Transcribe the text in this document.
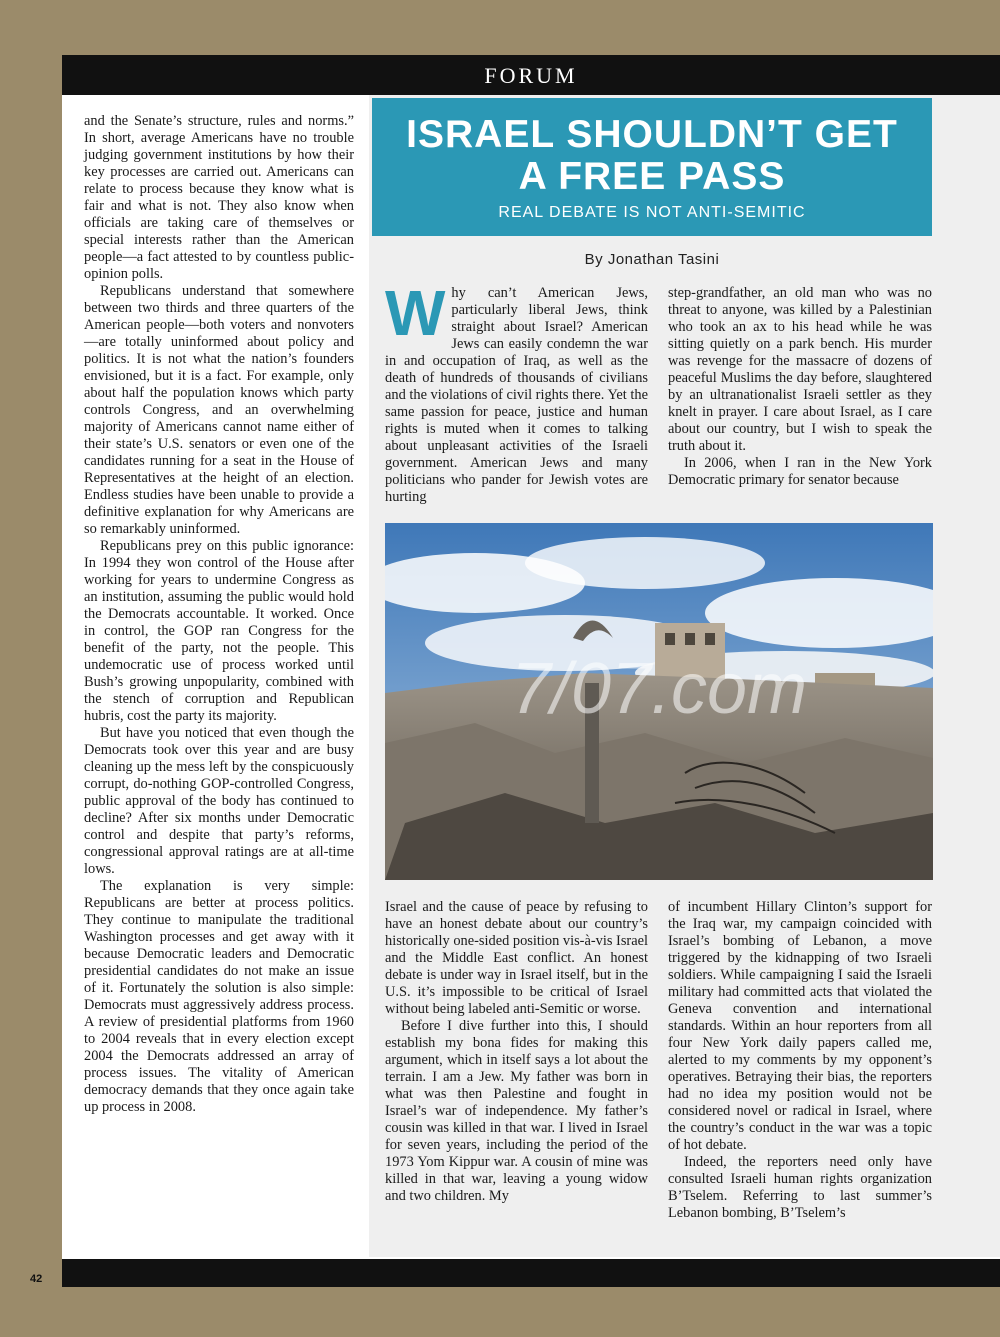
FORUM

and the Senate’s structure, rules and norms.” In short, average Americans have no trouble judging government institutions by how their key processes are carried out. Americans can relate to process because they know what is fair and what is not. They also know when officials are taking care of themselves or special interests rather than the American people—a fact attested to by countless public-opinion polls.

Republicans understand that somewhere between two thirds and three quarters of the American people—both voters and nonvoters—are totally uninformed about policy and politics. It is not what the nation’s founders envisioned, but it is a fact. For example, only about half the population knows which party controls Congress, and an overwhelming majority of Americans cannot name either of their state’s U.S. senators or even one of the candidates running for a seat in the House of Representatives at the height of an election. Endless studies have been unable to provide a definitive explanation for why Americans are so remarkably uninformed.

Republicans prey on this public ignorance: In 1994 they won control of the House after working for years to undermine Congress as an institution, assuming the public would hold the Democrats accountable. It worked. Once in control, the GOP ran Congress for the benefit of the party, not the people. This undemocratic use of process worked until Bush’s growing unpopularity, combined with the stench of corruption and Republican hubris, cost the party its majority.

But have you noticed that even though the Democrats took over this year and are busy cleaning up the mess left by the conspicuously corrupt, do-nothing GOP-controlled Congress, public approval of the body has continued to decline? After six months under Democratic control and despite that party’s reforms, congressional approval ratings are at all-time lows.

The explanation is very simple: Republicans are better at process politics. They continue to manipulate the traditional Washington processes and get away with it because Democratic leaders and Democratic presidential candidates do not make an issue of it. Fortunately the solution is also simple: Democrats must aggressively address process. A review of presidential platforms from 1960 to 2004 reveals that in every election except 2004 the Democrats addressed an array of process issues. The vitality of American democracy demands that they once again take up process in 2008.

ISRAEL SHOULDN’T GET
A FREE PASS
REAL DEBATE IS NOT ANTI-SEMITIC
By Jonathan Tasini

Why can’t American Jews, particularly liberal Jews, think straight about Israel? American Jews can easily condemn the war in and occupation of Iraq, as well as the death of hundreds of thousands of civilians and the violations of civil rights there. Yet the same passion for peace, justice and human rights is muted when it comes to talking about unpleasant activities of the Israeli government. American Jews and many politicians who pander for Jewish votes are hurting

step-grandfather, an old man who was no threat to anyone, was killed by a Palestinian who took an ax to his head while he was sitting quietly on a park bench. His murder was revenge for the massacre of dozens of peaceful Muslims the day before, slaughtered by an ultranationalist Israeli settler as they knelt in prayer. I care about Israel, as I care about our country, but I wish to speak the truth about it.

In 2006, when I ran in the New York Democratic primary for senator because

7/07.com

Israel and the cause of peace by refusing to have an honest debate about our country’s historically one-sided position vis-à-vis Israel and the Middle East conflict. An honest debate is under way in Israel itself, but in the U.S. it’s impossible to be critical of Israel without being labeled anti-Semitic or worse.

Before I dive further into this, I should establish my bona fides for making this argument, which in itself says a lot about the terrain. I am a Jew. My father was born in what was then Palestine and fought in Israel’s war of independence. My father’s cousin was killed in that war. I lived in Israel for seven years, including the period of the 1973 Yom Kippur war. A cousin of mine was killed in that war, leaving a young widow and two children. My

of incumbent Hillary Clinton’s support for the Iraq war, my campaign coincided with Israel’s bombing of Lebanon, a move triggered by the kidnapping of two Israeli soldiers. While campaigning I said the Israeli military had committed acts that violated the Geneva convention and international standards. Within an hour reporters from all four New York daily papers called me, alerted to my comments by my opponent’s operatives. Betraying their bias, the reporters had no idea my position would not be considered novel or radical in Israel, where the country’s conduct in the war was a topic of hot debate.

Indeed, the reporters need only have consulted Israeli human rights organization B’Tselem. Referring to last summer’s Lebanon bombing, B’Tselem’s

42
